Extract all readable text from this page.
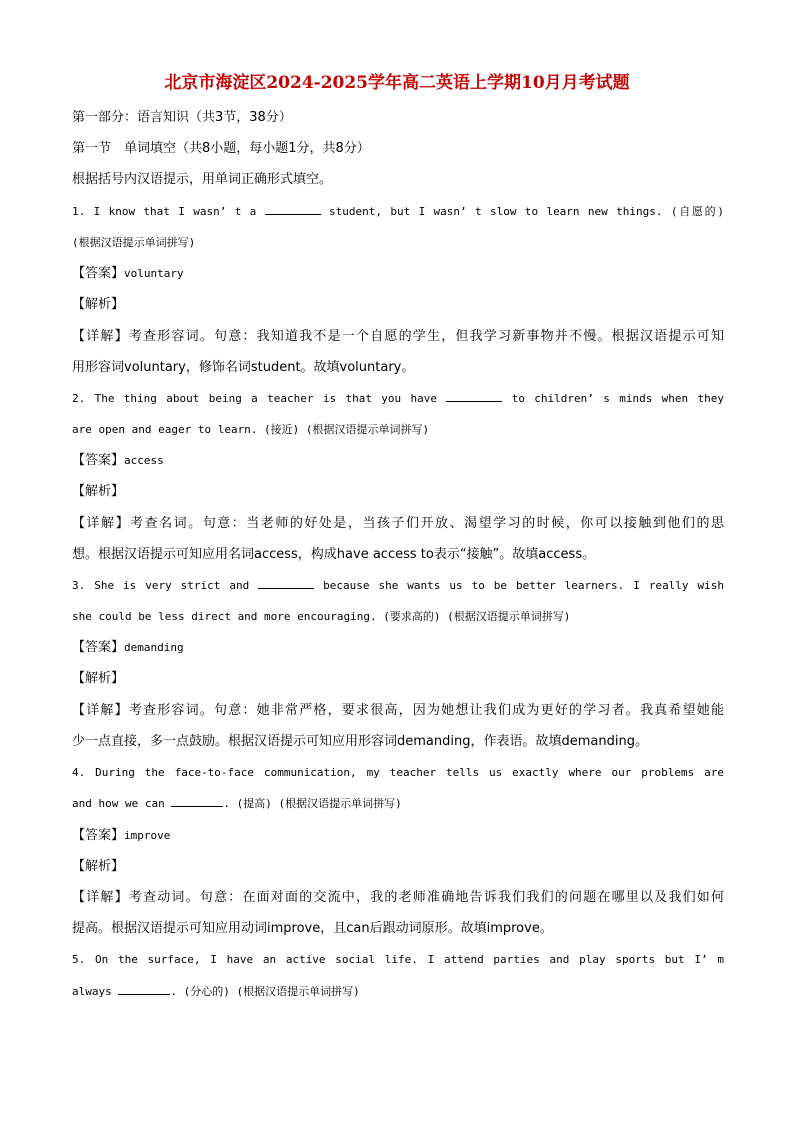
北京市海淀区2024-2025学年高二英语上学期10月月考试题
第一部分：语言知识（共3节，38分）
第一节　单词填空（共8小题，每小题1分，共8分）
根据括号内汉语提示，用单词正确形式填空。
1. I know that I wasn’ t a	student, but I wasn’ t slow to learn new things. (自愿的)
(根据汉语提示单词拼写)
【答案】voluntary
【解析】
【详解】考查形容词。句意：我知道我不是一个自愿的学生，但我学习新事物并不慢。根据汉语提示可知
用形容词voluntary，修饰名词student。故填voluntary。
2. The thing about being a teacher is that you have	to children’ s minds when they
are open and eager to learn. (接近) (根据汉语提示单词拼写)
【答案】access
【解析】
【详解】考查名词。句意：当老师的好处是，当孩子们开放、渴望学习的时候，你可以接触到他们的思
想。根据汉语提示可知应用名词access，构成have access to表示“接触”。故填access。
3. She is very strict and	because she wants us to be better learners. I really wish
she could be less direct and more encouraging. (要求高的) (根据汉语提示单词拼写)
【答案】demanding
【解析】
【详解】考查形容词。句意：她非常严格，要求很高，因为她想让我们成为更好的学习者。我真希望她能
少一点直接，多一点鼓励。根据汉语提示可知应用形容词demanding，作表语。故填demanding。
4. During the face-to-face communication, my teacher tells us exactly where our problems are
and how we can	. (提高) (根据汉语提示单词拼写)
【答案】improve
【解析】
【详解】考查动词。句意：在面对面的交流中，我的老师准确地告诉我们我们的问题在哪里以及我们如何
提高。根据汉语提示可知应用动词improve，且can后跟动词原形。故填improve。
5. On the surface, I have an active social life. I attend parties and play sports but I’ m
always	. (分心的) (根据汉语提示单词拼写)
